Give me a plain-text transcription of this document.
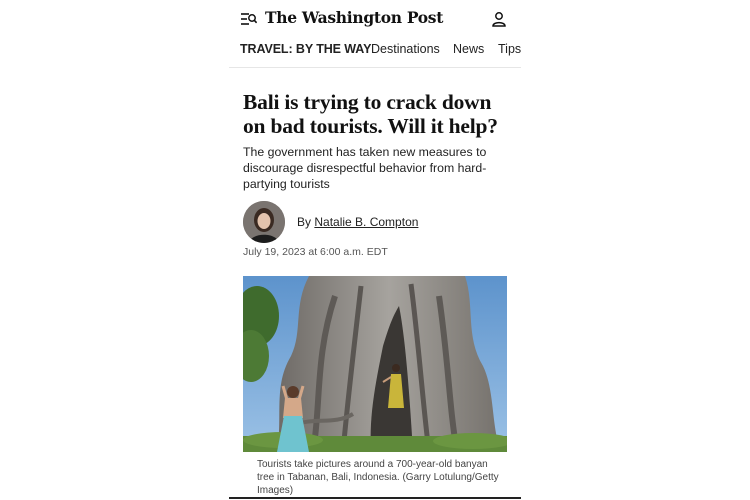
The Washington Post
TRAVEL: BY THE WAY Destinations News Tips
Bali is trying to crack down on bad tourists. Will it help?

The government has taken new measures to discourage disrespectful behavior from hard-partying tourists

By Natalie B. Compton
July 19, 2023 at 6:00 a.m. EDT

Tourists take pictures around a 700-year-old banyan tree in Tabanan, Bali, Indonesia. (Garry Lotulung/Getty Images)
